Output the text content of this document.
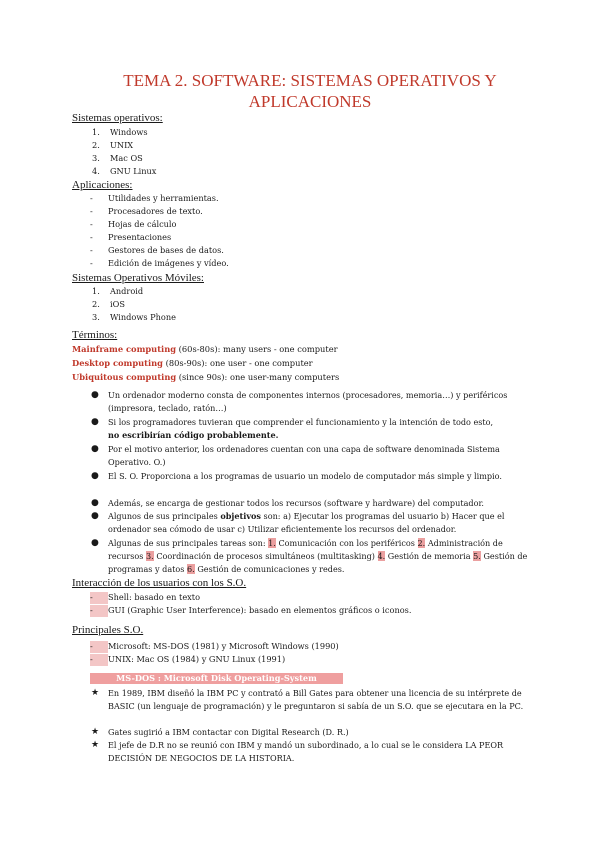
TEMA 2. SOFTWARE: SISTEMAS OPERATIVOS Y
APLICACIONES
Sistemas operativos:
1. Windows
2. UNIX
3. Mac OS
4. GNU Linux
Aplicaciones:
- Utilidades y herramientas.
- Procesadores de texto.
- Hojas de cálculo
- Presentaciones
- Gestores de bases de datos.
- Edición de imágenes y vídeo.
Sistemas Operativos Móviles:
1. Android
2. iOS
3. Windows Phone
Términos:
Mainframe computing (60s-80s): many users - one computer
Desktop computing (80s-90s): one user - one computer
Ubiquitous computing (since 90s): one user-many computers
● Un ordenador moderno consta de componentes internos (procesadores, memoria…) y periféricos (impresora, teclado, ratón…)
● Si los programadores tuvieran que comprender el funcionamiento y la intención de todo esto,
no escribirían código probablemente.
● Por el motivo anterior, los ordenadores cuentan con una capa de software denominada Sistema Operativo. O.)
● El S. O. Proporciona a los programas de usuario un modelo de computador más simple y limpio.
● Además, se encarga de gestionar todos los recursos (software y hardware) del computador.
● Algunos de sus principales objetivos son: a) Ejecutar los programas del usuario b) Hacer que el ordenador sea cómodo de usar c) Utilizar eficientemente los recursos del ordenador.
● Algunas de sus principales tareas son: 1. Comunicación con los periféricos 2. Administración de recursos 3. Coordinación de procesos simultáneos (multitasking) 4. Gestión de memoria 5. Gestión de programas y datos 6. Gestión de comunicaciones y redes.
Interacción de los usuarios con los S.O.
- Shell: basado en texto
- GUI (Graphic User Interference): basado en elementos gráficos o iconos.
Principales S.O.
- Microsoft: MS-DOS (1981) y Microsoft Windows (1990)
- UNIX: Mac OS (1984) y GNU Linux (1991)
MS-DOS : Microsoft Disk Operating-System
★ En 1989, IBM diseñó la IBM PC y contrató a Bill Gates para obtener una licencia de su intérprete de BASIC (un lenguaje de programación) y le preguntaron si sabía de un S.O. que se ejecutara en la PC.
★ Gates sugirió a IBM contactar con Digital Research (D. R.)
★ El jefe de D.R no se reunió con IBM y mandó un subordinado, a lo cual se le considera LA PEOR DECISIÓN DE NEGOCIOS DE LA HISTORIA.
